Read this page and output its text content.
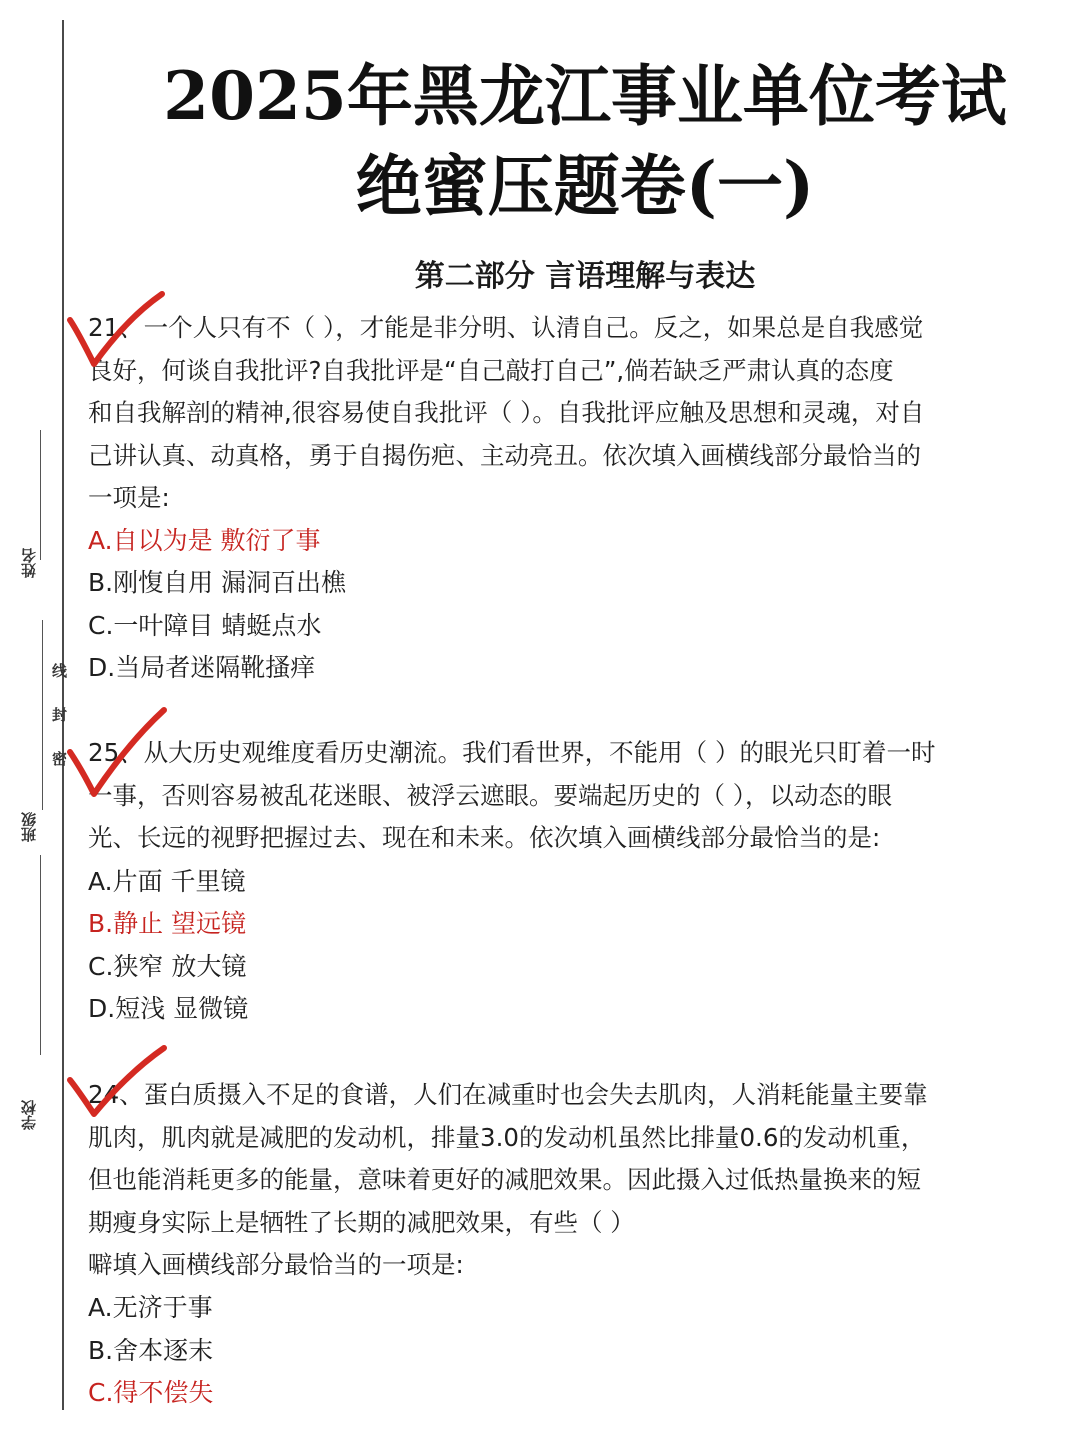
姓名
线
封
密
班级
学校
2025年黑龙江事业单位考试
绝蜜压题卷(一)
第二部分 言语理解与表达
21、一个人只有不（ ），才能是非分明、认清自己。反之，如果总是自我感觉
良好，何谈自我批评?自我批评是“自己敲打自己”,倘若缺乏严肃认真的态度
和自我解剖的精神,很容易使自我批评（ ）。自我批评应触及思想和灵魂，对自
己讲认真、动真格，勇于自揭伤疤、主动亮丑。依次填入画横线部分最恰当的
一项是:
A.自以为是 敷衍了事
B.刚愎自用 漏洞百出樵
C.一叶障目 蜻蜓点水
D.当局者迷隔靴搔痒
25、从大历史观维度看历史潮流。我们看世界，不能用（ ）的眼光只盯着一时
一事，否则容易被乱花迷眼、被浮云遮眼。要端起历史的（ ），以动态的眼
光、长远的视野把握过去、现在和未来。依次填入画横线部分最恰当的是:
A.片面 千里镜
B.静止 望远镜
C.狭窄 放大镜
D.短浅 显微镜
24、蛋白质摄入不足的食谱，人们在减重时也会失去肌肉，人消耗能量主要靠
肌肉，肌肉就是减肥的发动机，排量3.0的发动机虽然比排量0.6的发动机重，
但也能消耗更多的能量，意味着更好的减肥效果。因此摄入过低热量换来的短
期瘦身实际上是牺牲了长期的减肥效果，有些（ ）
噼填入画横线部分最恰当的一项是:
A.无济于事
B.舍本逐末
C.得不偿失
